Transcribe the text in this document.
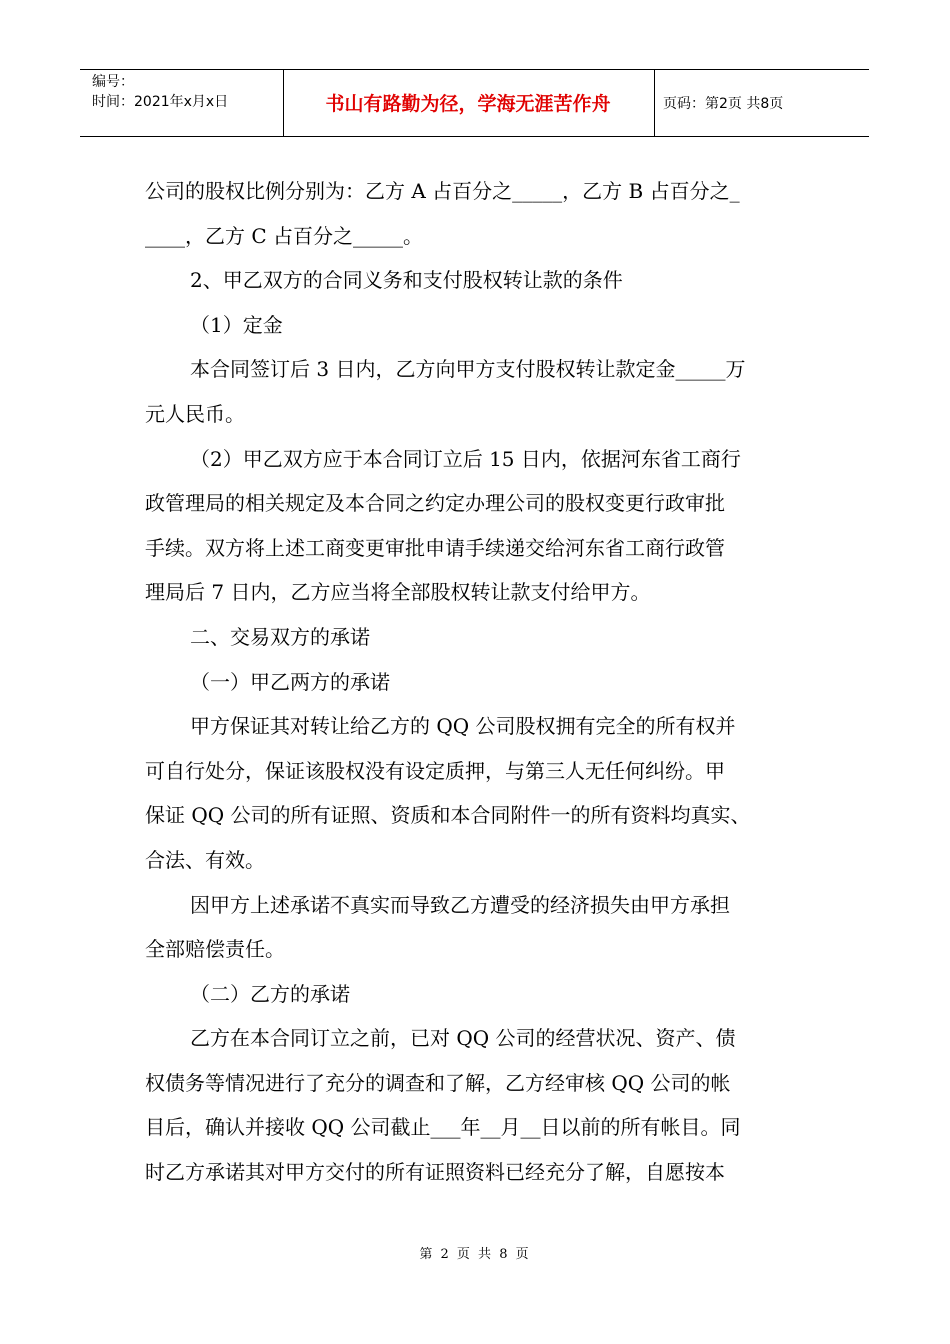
编号：
时间：2021年x月x日	书山有路勤为径，学海无涯苦作舟	页码：第2页 共8页

公司的股权比例分别为：乙方 A 占百分之_____，乙方 B 占百分之_

____，乙方 C 占百分之_____。

2、甲乙双方的合同义务和支付股权转让款的条件

（1）定金

本合同签订后 3 日内，乙方向甲方支付股权转让款定金_____万

元人民币。

（2）甲乙双方应于本合同订立后 15 日内，依据河东省工商行

政管理局的相关规定及本合同之约定办理公司的股权变更行政审批

手续。双方将上述工商变更审批申请手续递交给河东省工商行政管

理局后 7 日内，乙方应当将全部股权转让款支付给甲方。

二、交易双方的承诺

（一）甲乙两方的承诺

甲方保证其对转让给乙方的 QQ 公司股权拥有完全的所有权并

可自行处分，保证该股权没有设定质押，与第三人无任何纠纷。甲

保证 QQ 公司的所有证照、资质和本合同附件一的所有资料均真实、

合法、有效。

因甲方上述承诺不真实而导致乙方遭受的经济损失由甲方承担

全部赔偿责任。

（二）乙方的承诺

乙方在本合同订立之前，已对 QQ 公司的经营状况、资产、债

权债务等情况进行了充分的调查和了解，乙方经审核 QQ 公司的帐

目后，确认并接收 QQ 公司截止___年__月__日以前的所有帐目。同

时乙方承诺其对甲方交付的所有证照资料已经充分了解，自愿按本

第 2 页 共 8 页
